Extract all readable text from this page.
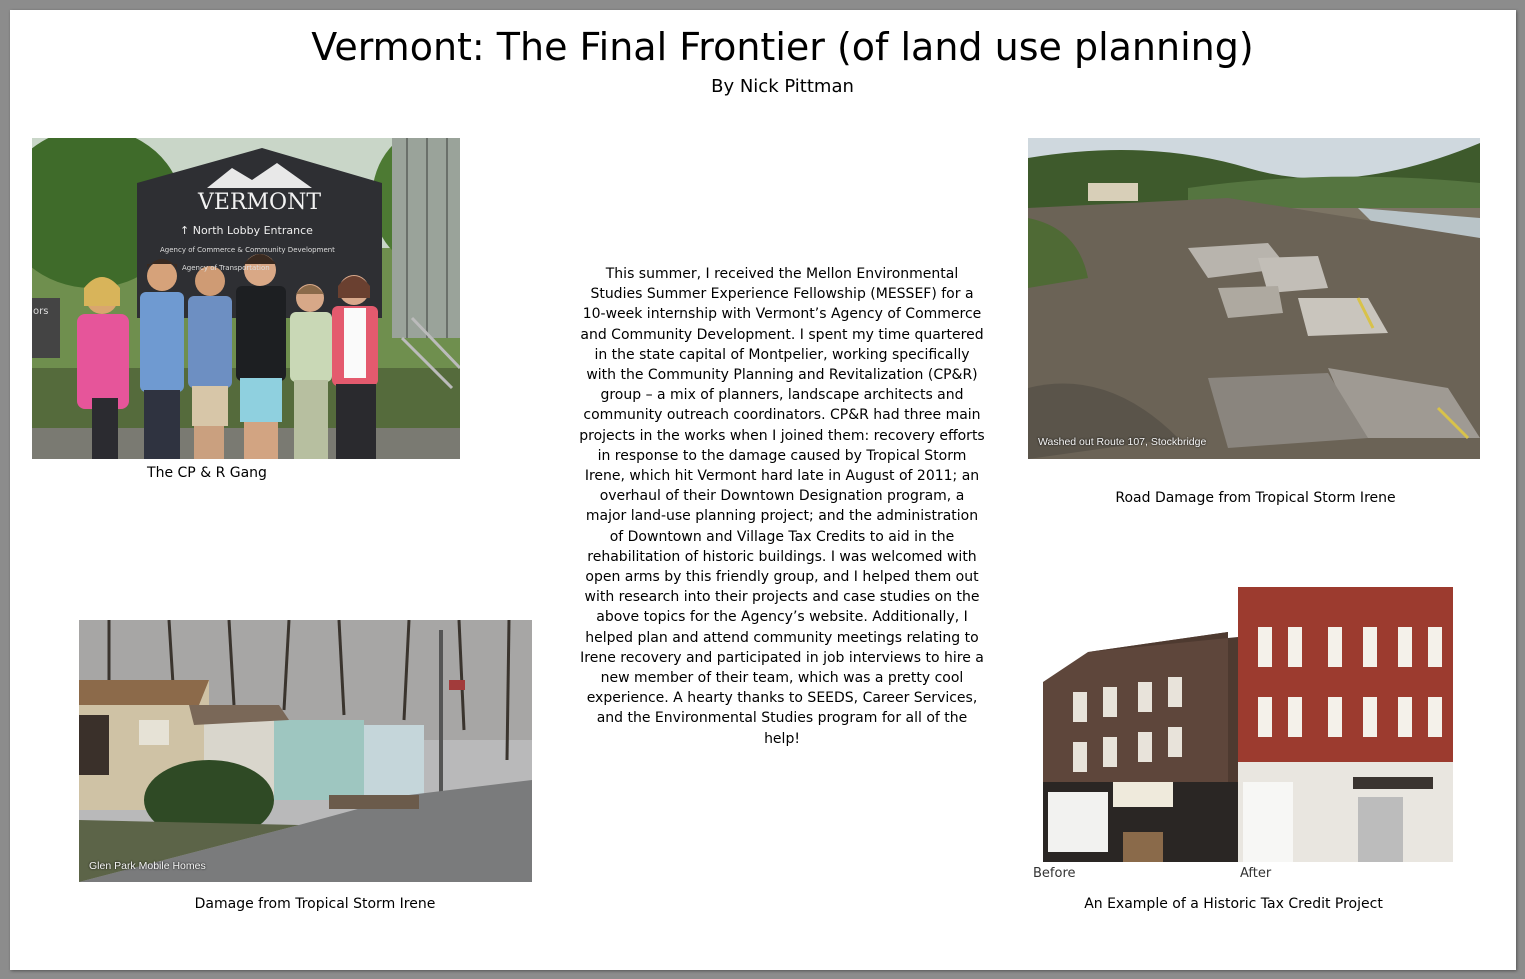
Vermont: The Final Frontier (of land use planning)
By Nick Pittman
VERMONT
↑ North Lobby Entrance
Agency of Commerce & Community Development
Agency of Transportation
ors
The CP & R Gang
Washed out Route 107, Stockbridge
Road Damage from Tropical Storm Irene
Glen Park Mobile Homes
Damage from Tropical Storm Irene
Before	After
An Example of a Historic Tax Credit Project
This summer, I received the Mellon Environmental Studies Summer Experience Fellowship (MESSEF) for a 10-week internship with Vermont’s Agency of Commerce and Community Development. I spent my time quartered in the state capital of Montpelier, working specifically with the Community Planning and Revitalization (CP&R) group – a mix of planners, landscape architects and community outreach coordinators. CP&R had three main projects in the works when I joined them: recovery efforts in response to the damage caused by Tropical Storm Irene, which hit Vermont hard late in August of 2011; an overhaul of their Downtown Designation program, a major land-use planning project; and the administration of Downtown and Village Tax Credits to aid in the rehabilitation of historic buildings. I was welcomed with open arms by this friendly group, and I helped them out with research into their projects and case studies on the above topics for the Agency’s website. Additionally, I helped plan and attend community meetings relating to Irene recovery and participated in job interviews to hire a new member of their team, which was a pretty cool experience. A hearty thanks to SEEDS, Career Services, and the Environmental Studies program for all of the help!
